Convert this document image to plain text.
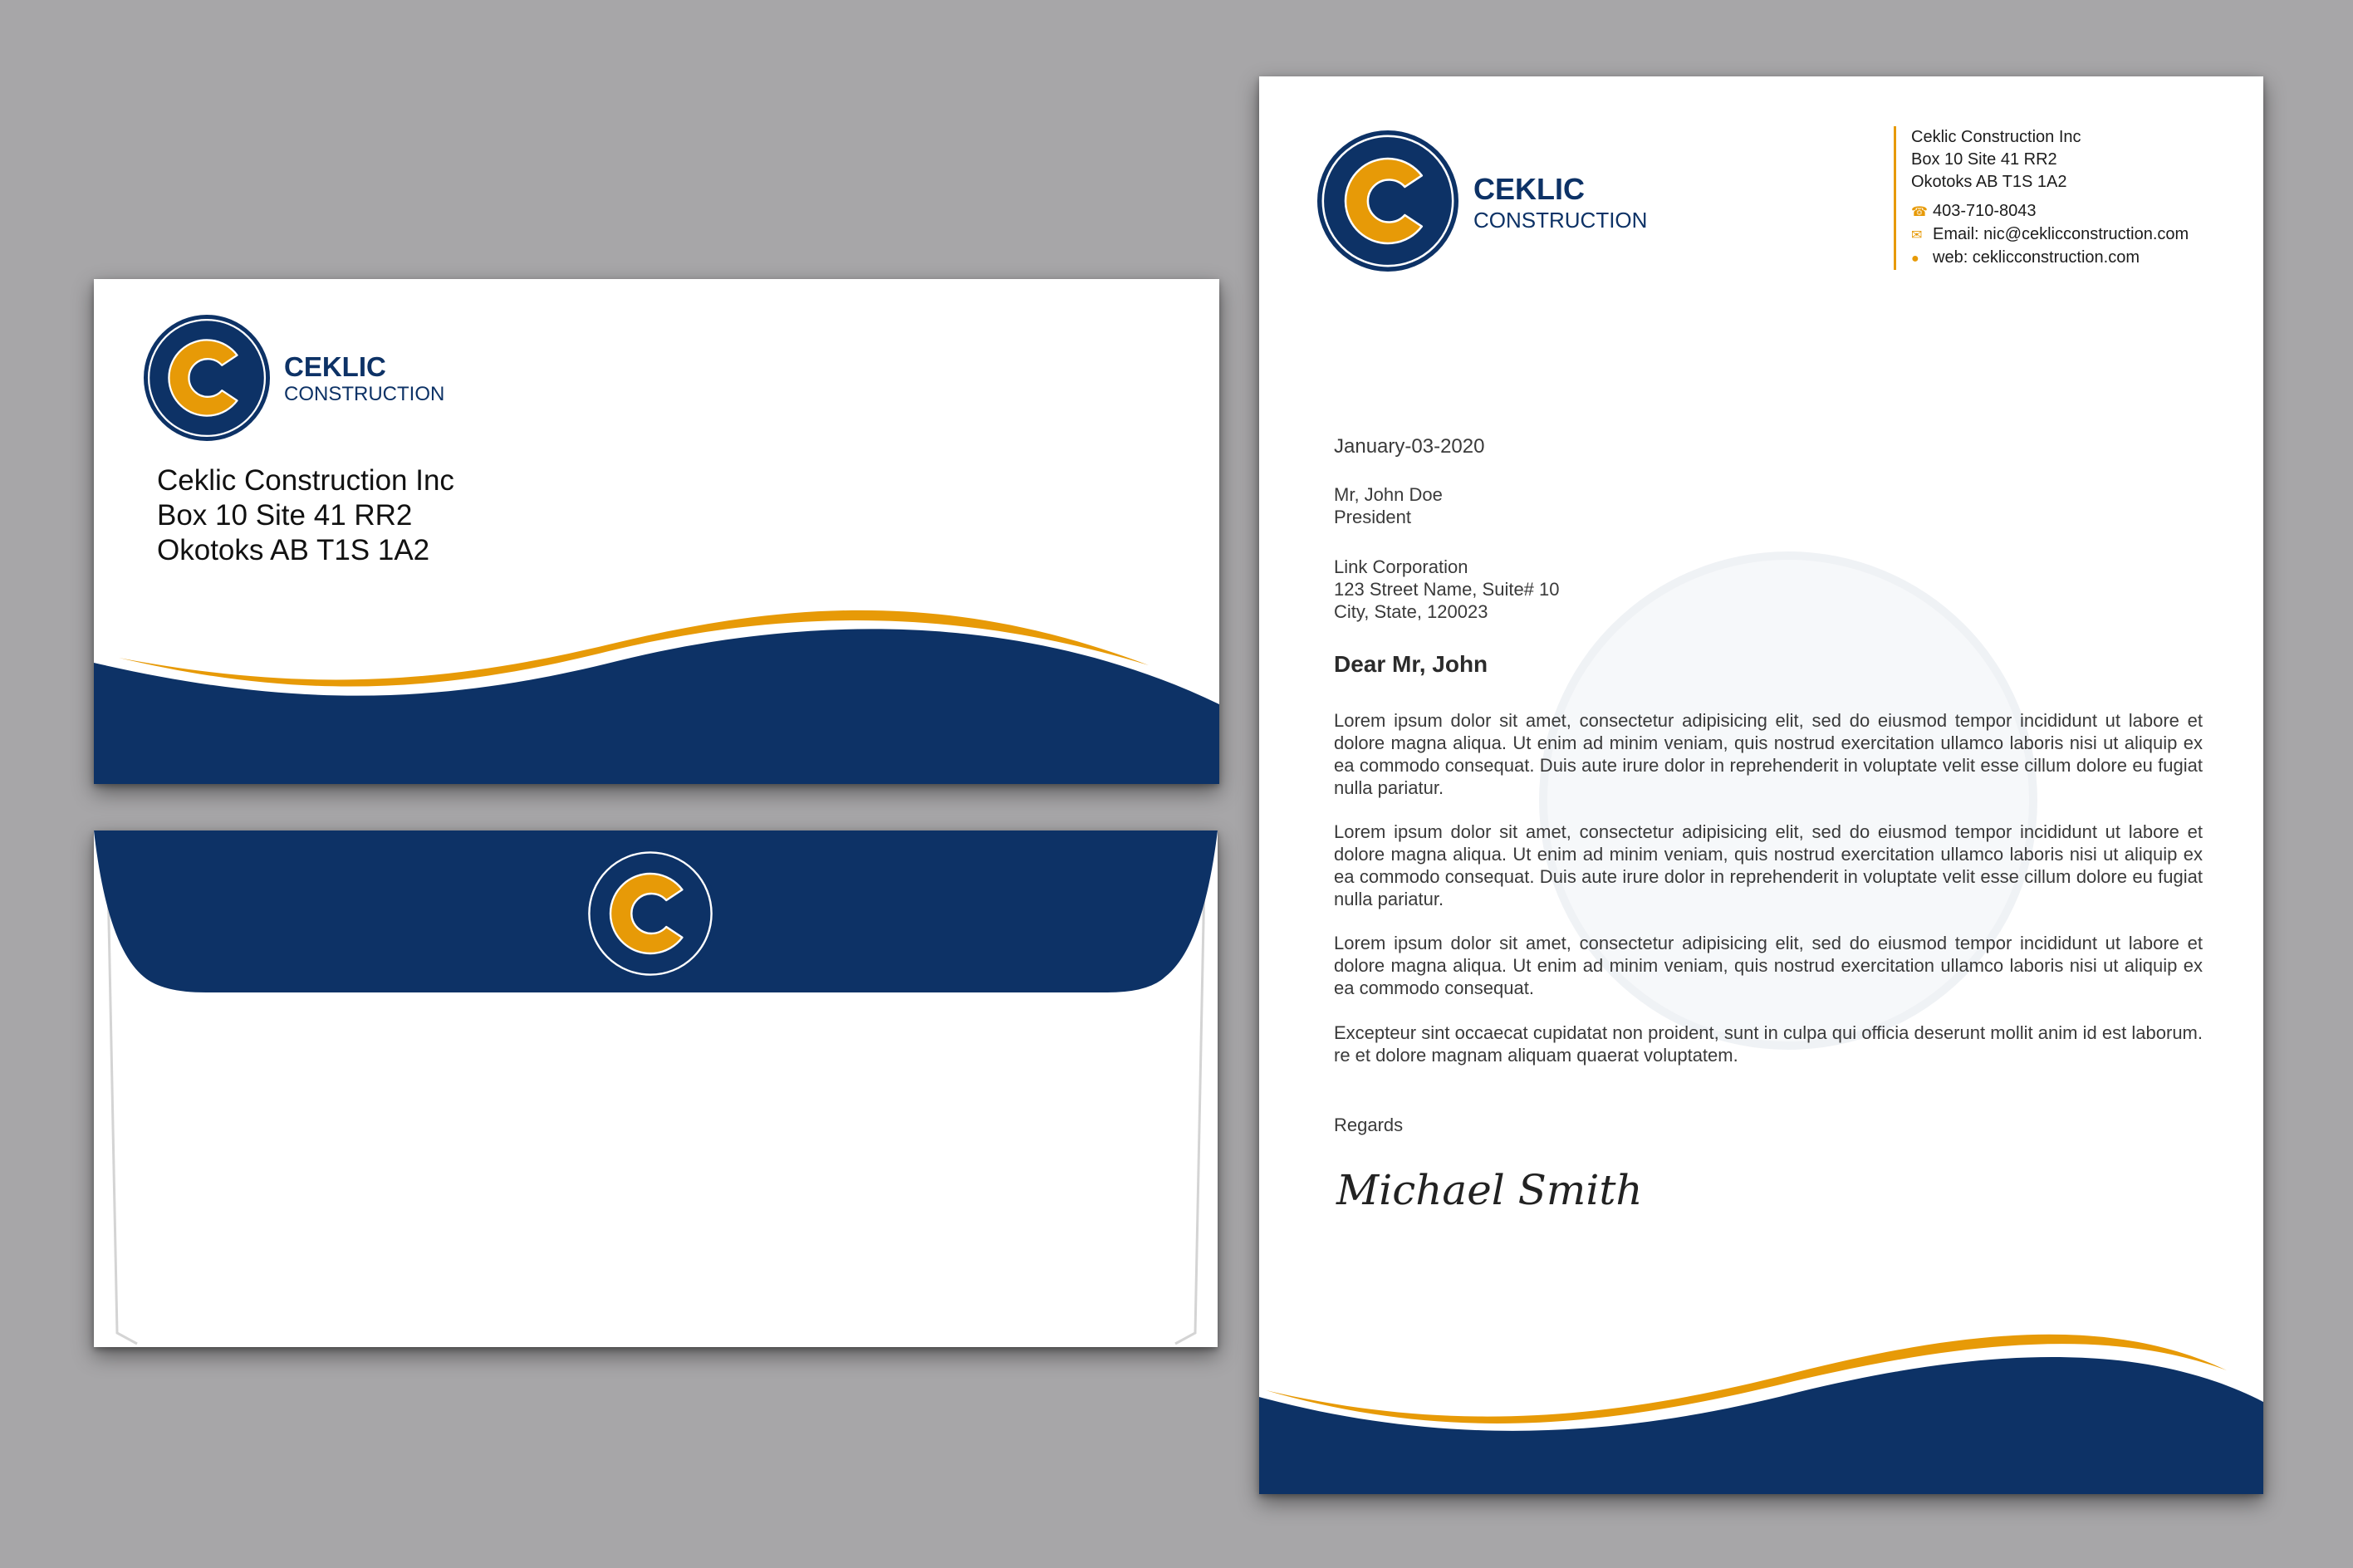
CEKLIC
CONSTRUCTION
Ceklic Construction Inc
Box 10 Site 41 RR2
Okotoks AB T1S 1A2
CEKLIC
CONSTRUCTION
Ceklic Construction Inc
Box 10 Site 41 RR2
Okotoks AB T1S 1A2
☎ 403-710-8043
✉ Email: nic@ceklicconstruction.com
● web: ceklicconstruction.com
January-03-2020
Mr, John Doe
President
Link Corporation
123 Street Name, Suite# 10
City, State, 120023
Dear Mr, John
Lorem ipsum dolor sit amet, consectetur adipisicing elit, sed do eiusmod tempor incididunt ut labore et dolore magna aliqua. Ut enim ad minim veniam, quis nostrud exercitation ullamco laboris nisi ut aliquip ex ea commodo consequat. Duis aute irure dolor in reprehenderit in voluptate velit esse cillum dolore eu fugiat nulla pariatur.
Lorem ipsum dolor sit amet, consectetur adipisicing elit, sed do eiusmod tempor incididunt ut labore et dolore magna aliqua. Ut enim ad minim veniam, quis nostrud exercitation ullamco laboris nisi ut aliquip ex ea commodo consequat. Duis aute irure dolor in reprehenderit in voluptate velit esse cillum dolore eu fugiat nulla pariatur.
Lorem ipsum dolor sit amet, consectetur adipisicing elit, sed do eiusmod tempor incididunt ut labore et dolore magna aliqua. Ut enim ad minim veniam, quis nostrud exercitation ullamco laboris nisi ut aliquip ex ea commodo consequat.
Excepteur sint occaecat cupidatat non proident, sunt in culpa qui officia deserunt mollit anim id est laborum. re et dolore magnam aliquam quaerat voluptatem.
Regards
Michael Smith
